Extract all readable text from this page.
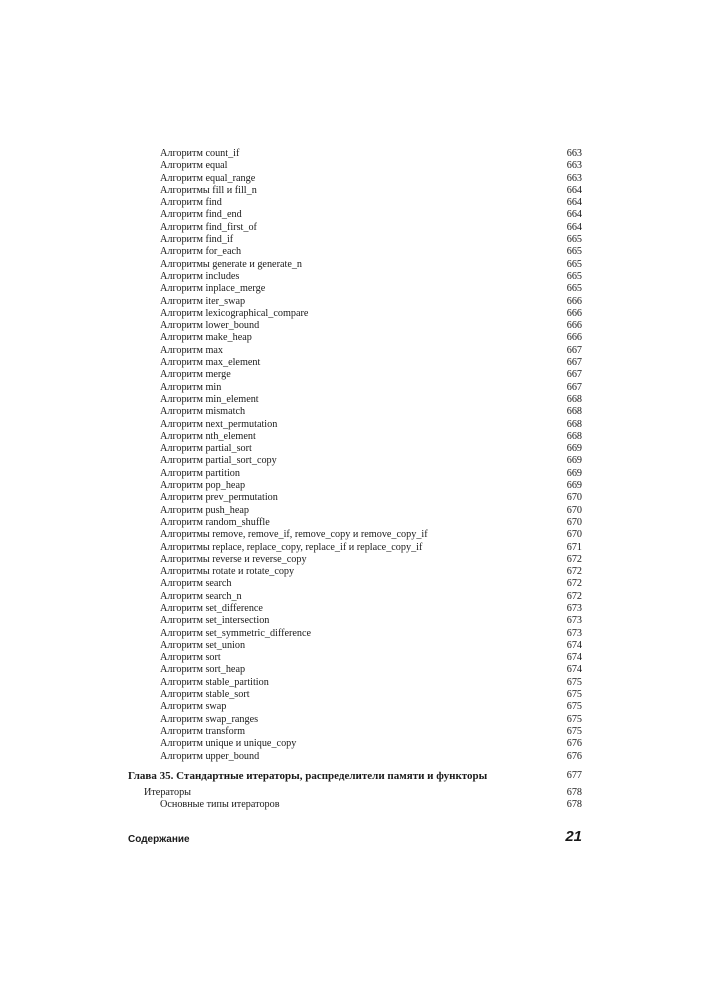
Алгоритм count_if	663
Алгоритм equal	663
Алгоритм equal_range	663
Алгоритмы fill и fill_n	664
Алгоритм find	664
Алгоритм find_end	664
Алгоритм find_first_of	664
Алгоритм find_if	665
Алгоритм for_each	665
Алгоритмы generate и generate_n	665
Алгоритм includes	665
Алгоритм inplace_merge	665
Алгоритм iter_swap	666
Алгоритм lexicographical_compare	666
Алгоритм lower_bound	666
Алгоритм make_heap	666
Алгоритм max	667
Алгоритм max_element	667
Алгоритм merge	667
Алгоритм min	667
Алгоритм min_element	668
Алгоритм mismatch	668
Алгоритм next_permutation	668
Алгоритм nth_element	668
Алгоритм partial_sort	669
Алгоритм partial_sort_copy	669
Алгоритм partition	669
Алгоритм pop_heap	669
Алгоритм prev_permutation	670
Алгоритм push_heap	670
Алгоритм random_shuffle	670
Алгоритмы remove, remove_if, remove_copy и remove_copy_if	670
Алгоритмы replace, replace_copy, replace_if и replace_copy_if	671
Алгоритмы reverse и reverse_copy	672
Алгоритмы rotate и rotate_copy	672
Алгоритм search	672
Алгоритм search_n	672
Алгоритм set_difference	673
Алгоритм set_intersection	673
Алгоритм set_symmetric_difference	673
Алгоритм set_union	674
Алгоритм sort	674
Алгоритм sort_heap	674
Алгоритм stable_partition	675
Алгоритм stable_sort	675
Алгоритм swap	675
Алгоритм swap_ranges	675
Алгоритм transform	675
Алгоритм unique и unique_copy	676
Алгоритм upper_bound	676
Глава 35. Стандартные итераторы, распределители памяти и функторы	677
Итераторы	678
Основные типы итераторов	678
Содержание	21
